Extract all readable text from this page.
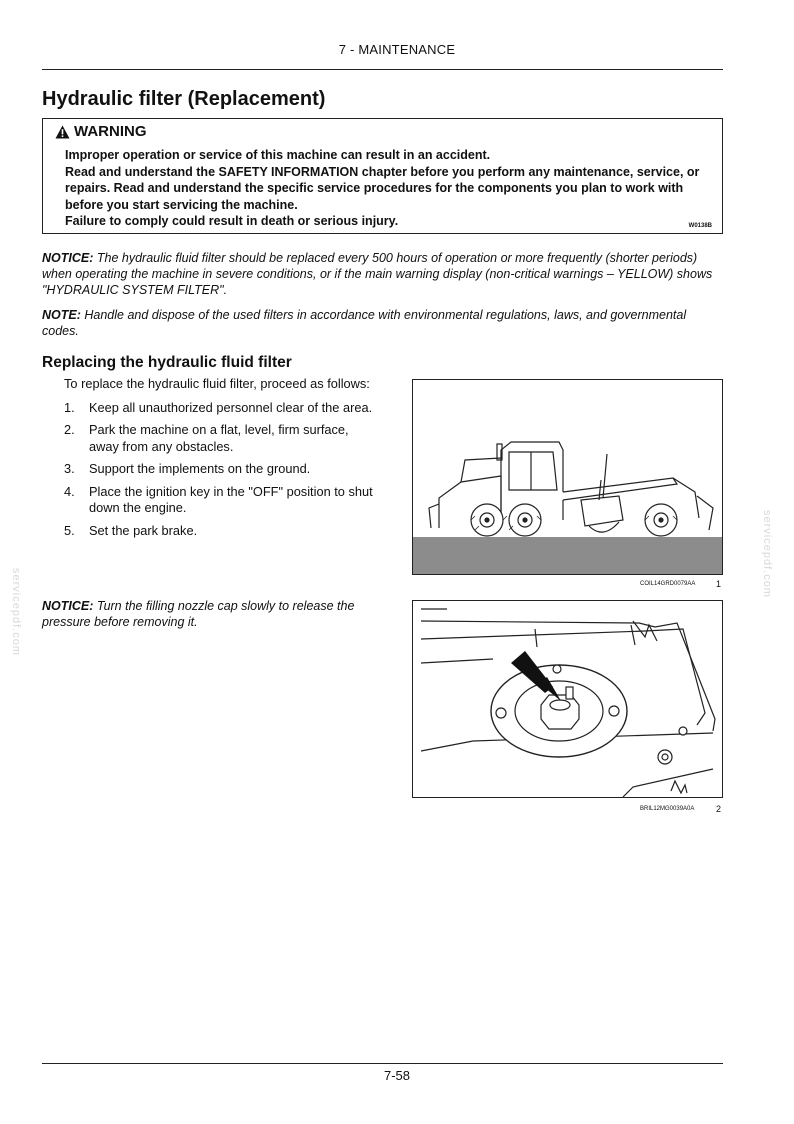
7 - MAINTENANCE
Hydraulic filter (Replacement)
WARNING

Improper operation or service of this machine can result in an accident.

Read and understand the SAFETY INFORMATION chapter before you perform any maintenance, service, or repairs. Read and understand the specific service procedures for the components you plan to work with before you start servicing the machine.

Failure to comply could result in death or serious injury.	W0138B
NOTICE: The hydraulic fluid filter should be replaced every 500 hours of operation or more frequently (shorter periods) when operating the machine in severe conditions, or if the main warning display (non-critical warnings – YELLOW) shows "HYDRAULIC SYSTEM FILTER".
NOTE: Handle and dispose of the used filters in accordance with environmental regulations, laws, and governmental codes.
Replacing the hydraulic fluid filter

To replace the hydraulic fluid filter, proceed as follows:

1.	Keep all unauthorized personnel clear of the area.
2.	Park the machine on a flat, level, firm surface, away from any obstacles.
3.	Support the implements on the ground.
4.	Place the ignition key in the "OFF" position to shut down the engine.
5.	Set the park brake.
NOTICE: Turn the filling nozzle cap slowly to release the pressure before removing it.
COIL14GRD0079AA 1
BRIL12MG0039A0A 2
servicepdf.com
servicepdf.com
7-58
